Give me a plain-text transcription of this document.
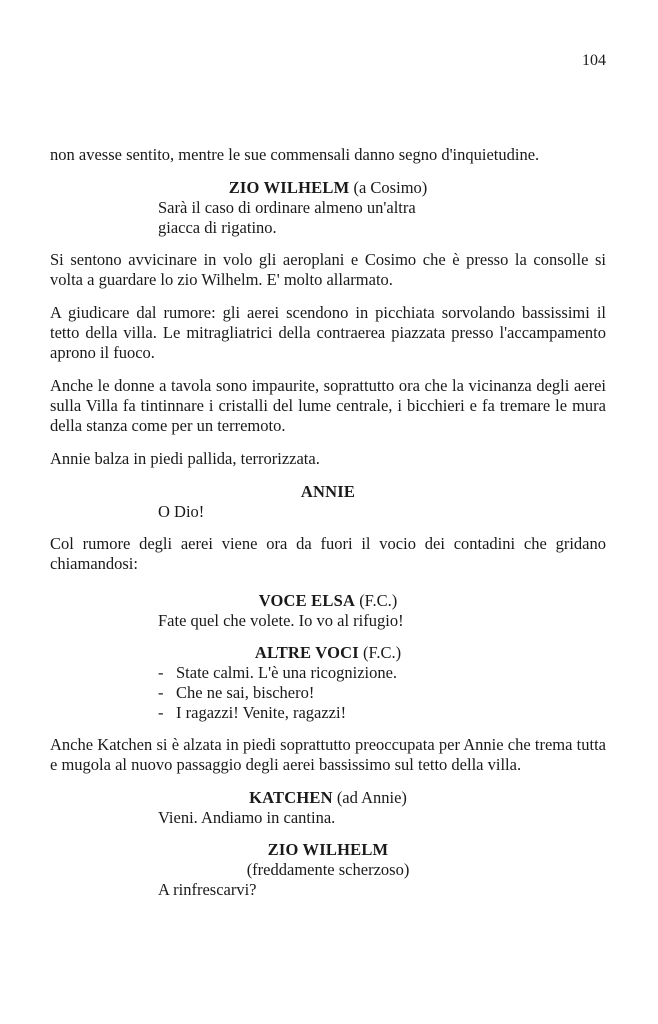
104

non avesse sentito, mentre le sue commensali danno segno d'inquietudine.

ZIO WILHELM (a Cosimo)

Sarà il caso di ordinare almeno un'altra

giacca di rigatino.

Si sentono avvicinare in volo gli aeroplani e Cosimo che è presso la consolle si volta a guardare lo zio Wilhelm. E' molto allarmato.

A giudicare dal rumore: gli aerei scendono in picchiata sorvolando bassissimi il tetto della villa. Le mitragliatrici della contraerea piazzata presso l'accampamento aprono il fuoco.

Anche le donne a tavola sono impaurite, soprattutto ora che la vicinanza degli aerei sulla Villa fa tintinnare i cristalli del lume centrale, i bicchieri e fa tremare le mura della stanza come per un terremoto.

Annie balza in piedi pallida, terrorizzata.

ANNIE

O Dio!

Col rumore degli aerei viene ora da fuori il vocio dei contadini che gridano chiamandosi:

VOCE ELSA (F.C.)

Fate quel che volete. Io vo al rifugio!

ALTRE VOCI (F.C.)

- State calmi. L'è una ricognizione.
- Che ne sai, bischero!
- I ragazzi! Venite, ragazzi!

Anche Katchen si è alzata in piedi soprattutto preoccupata per Annie che trema tutta e mugola al nuovo passaggio degli aerei bassissimo sul tetto della villa.

KATCHEN (ad Annie)

Vieni. Andiamo in cantina.

ZIO WILHELM

(freddamente scherzoso)

A rinfrescarvi?
